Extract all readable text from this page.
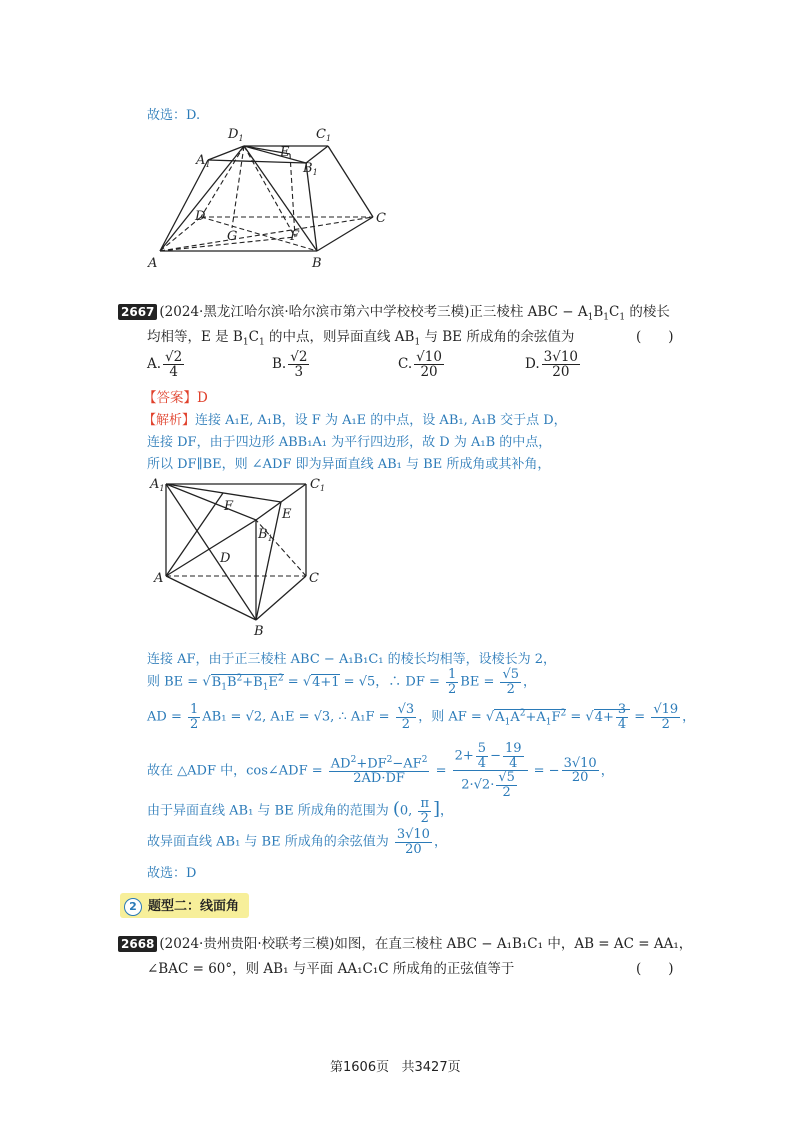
故选：D.
$D_1$	$C_1$
$A_1$
E
$B_1$
D	C
G	F
A	B
2667 (2024·黑龙江哈尔滨·哈尔滨市第六中学校校考三模)正三棱柱 ABC − $A_1B_1C_1$ 的棱长
均相等，E 是 $B_1C_1$ 的中点，则异面直线 $AB_1$ 与 BE 所成角的余弦值为	(　　)
A. $\frac{√2}{4}$	B. $\frac{√2}{3}$	C. $\frac{√10}{20}$	D. $\frac{3√10}{20}$
【答案】D
【解析】连接 A₁E, A₁B，设 F 为 A₁E 的中点，设 AB₁, A₁B 交于点 D，
连接 DF，由于四边形 ABB₁A₁ 为平行四边形，故 D 为 A₁B 的中点，
所以 DF∥BE，则 ∠ADF 即为异面直线 AB₁ 与 BE 所成角或其补角，
$A_1$	$C_1$
F
E
$B_1$
D
A	C
B
连接 AF，由于正三棱柱 ABC − A₁B₁C₁ 的棱长均相等，设棱长为 2，
则 BE = $√B_1B^2+B_1E^2 = √4+1 = √5$，∴ DF = $\frac{1}{2}$ BE = $\frac{√5}{2}$ ，
AD = $\frac{1}{2} AB_1 = √2$, A₁E = √3, ∴ $A_1F = \frac{√3}{2}$ ，则 AF = $√A_1A^2+A_1F^2 = √4+ \frac{3}{4} = \frac{√19}{2}$ ，
故在 △ADF 中，cos∠ADF = $\frac{AD^2+DF^2-AF^2}{2AD\cdot DF} = \frac{2+ \frac{5}{4} - \frac{19}{4}}{2\cdot√2\cdot \frac{√5}{2}}$ = − $\frac{3√10}{20}$ ，
由于异面直线 AB₁ 与 BE 所成角的范围为 (0, $\frac{\pi}{2}$ ]，
故异面直线 AB₁ 与 BE 所成角的余弦值为 $\frac{3√10}{20}$ ，
故选：D
2 题型二：线面角
2668 (2024·贵州贵阳·校联考三模)如图，在直三棱柱 ABC − A₁B₁C₁ 中，AB = AC = AA₁，
∠BAC = 60°，则 AB₁ 与平面 AA₁C₁C 所成角的正弦值等于	(　　)
第1606页 共3427页
